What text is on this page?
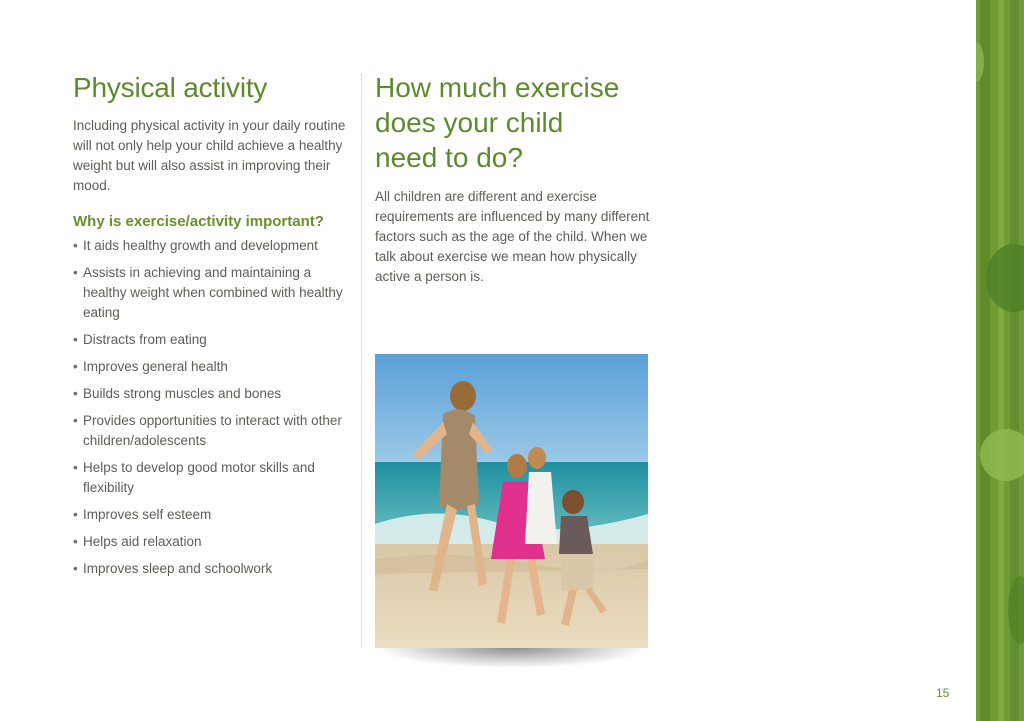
Physical activity

Including physical activity in your daily routine will not only help your child achieve a healthy weight but will also assist in improving their mood.

Why is exercise/activity important?
• It aids healthy growth and development
• Assists in achieving and maintaining a healthy weight when combined with healthy eating
• Distracts from eating
• Improves general health
• Builds strong muscles and bones
• Provides opportunities to interact with other children/adolescents
• Helps to develop good motor skills and flexibility
• Improves self esteem
• Helps aid relaxation
• Improves sleep and schoolwork
How much exercise
does your child
need to do?

All children are different and exercise requirements are influenced by many different factors such as the age of the child. When we talk about exercise we mean how physically active a person is.

15
